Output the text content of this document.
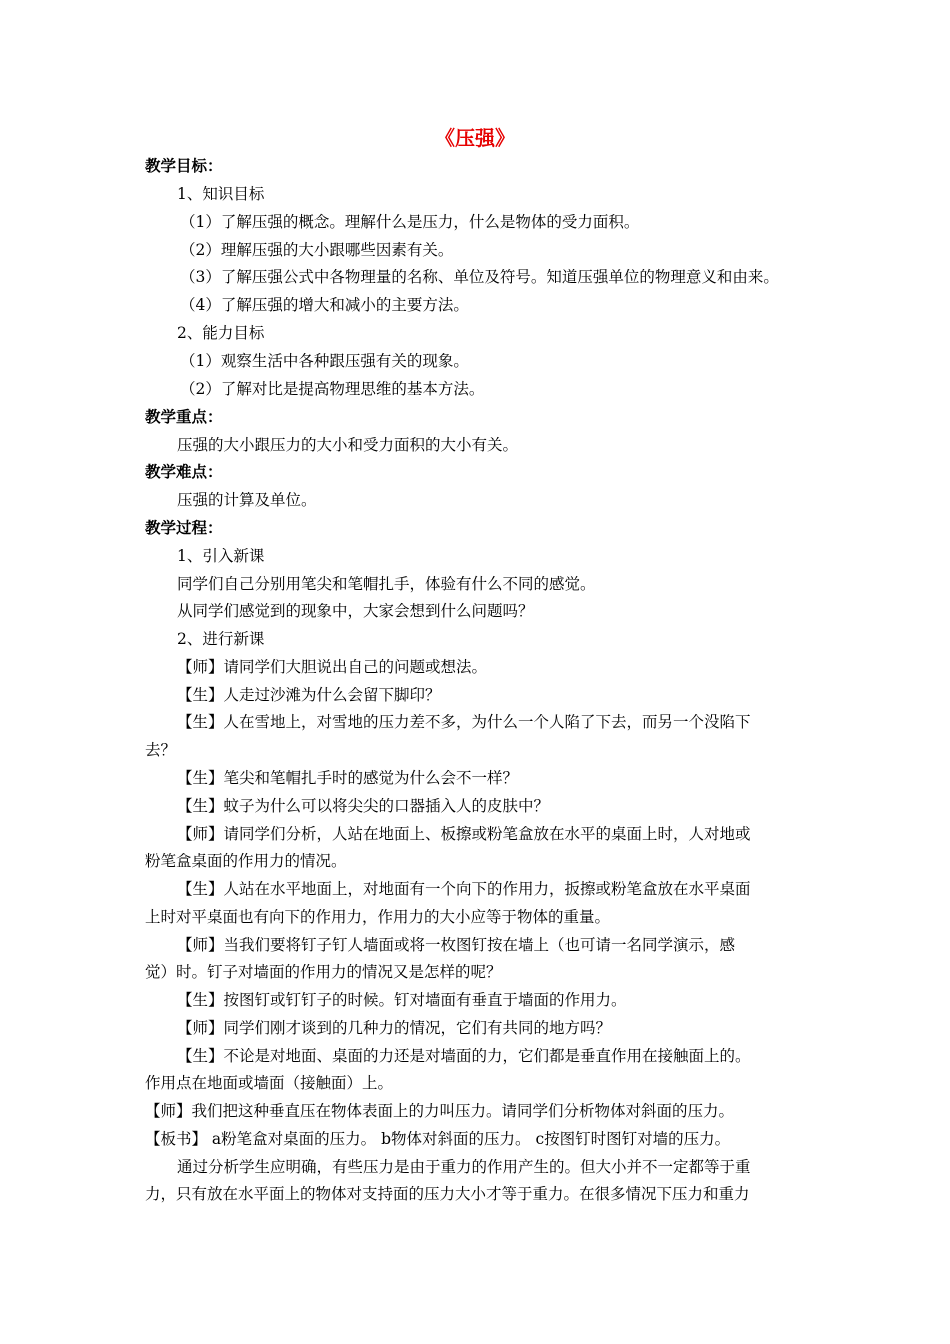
《压强》
教学目标：
1、知识目标
（1）了解压强的概念。理解什么是压力，什么是物体的受力面积。
（2）理解压强的大小跟哪些因素有关。
（3）了解压强公式中各物理量的名称、单位及符号。知道压强单位的物理意义和由来。
（4）了解压强的增大和减小的主要方法。
2、能力目标
（1）观察生活中各种跟压强有关的现象。
（2）了解对比是提高物理思维的基本方法。
教学重点：
压强的大小跟压力的大小和受力面积的大小有关。
教学难点：
压强的计算及单位。
教学过程：
1、引入新课
同学们自己分别用笔尖和笔帽扎手，体验有什么不同的感觉。
从同学们感觉到的现象中，大家会想到什么问题吗？
2、进行新课
【师】请同学们大胆说出自己的问题或想法。
【生】人走过沙滩为什么会留下脚印？
【生】人在雪地上，对雪地的压力差不多，为什么一个人陷了下去，而另一个没陷下
去？
【生】笔尖和笔帽扎手时的感觉为什么会不一样？
【生】蚊子为什么可以将尖尖的口器插入人的皮肤中？
【师】请同学们分析，人站在地面上、板擦或粉笔盒放在水平的桌面上时，人对地或
粉笔盒桌面的作用力的情况。
【生】人站在水平地面上，对地面有一个向下的作用力，扳擦或粉笔盒放在水平桌面
上时对平桌面也有向下的作用力，作用力的大小应等于物体的重量。
【师】当我们要将钉子钉人墙面或将一枚图钉按在墙上（也可请一名同学演示，感
觉）时。钉子对墙面的作用力的情况又是怎样的呢？
【生】按图钉或钉钉子的时候。钉对墙面有垂直于墙面的作用力。
【师】同学们刚才谈到的几种力的情况，它们有共同的地方吗？
【生】不论是对地面、桌面的力还是对墙面的力，它们都是垂直作用在接触面上的。
作用点在地面或墙面（接触面）上。
【师】我们把这种垂直压在物体表面上的力叫压力。请同学们分析物体对斜面的压力。
【板书】 a粉笔盒对桌面的压力。 b物体对斜面的压力。 c按图钉时图钉对墙的压力。
通过分析学生应明确，有些压力是由于重力的作用产生的。但大小并不一定都等于重
力，只有放在水平面上的物体对支持面的压力大小才等于重力。在很多情况下压力和重力
